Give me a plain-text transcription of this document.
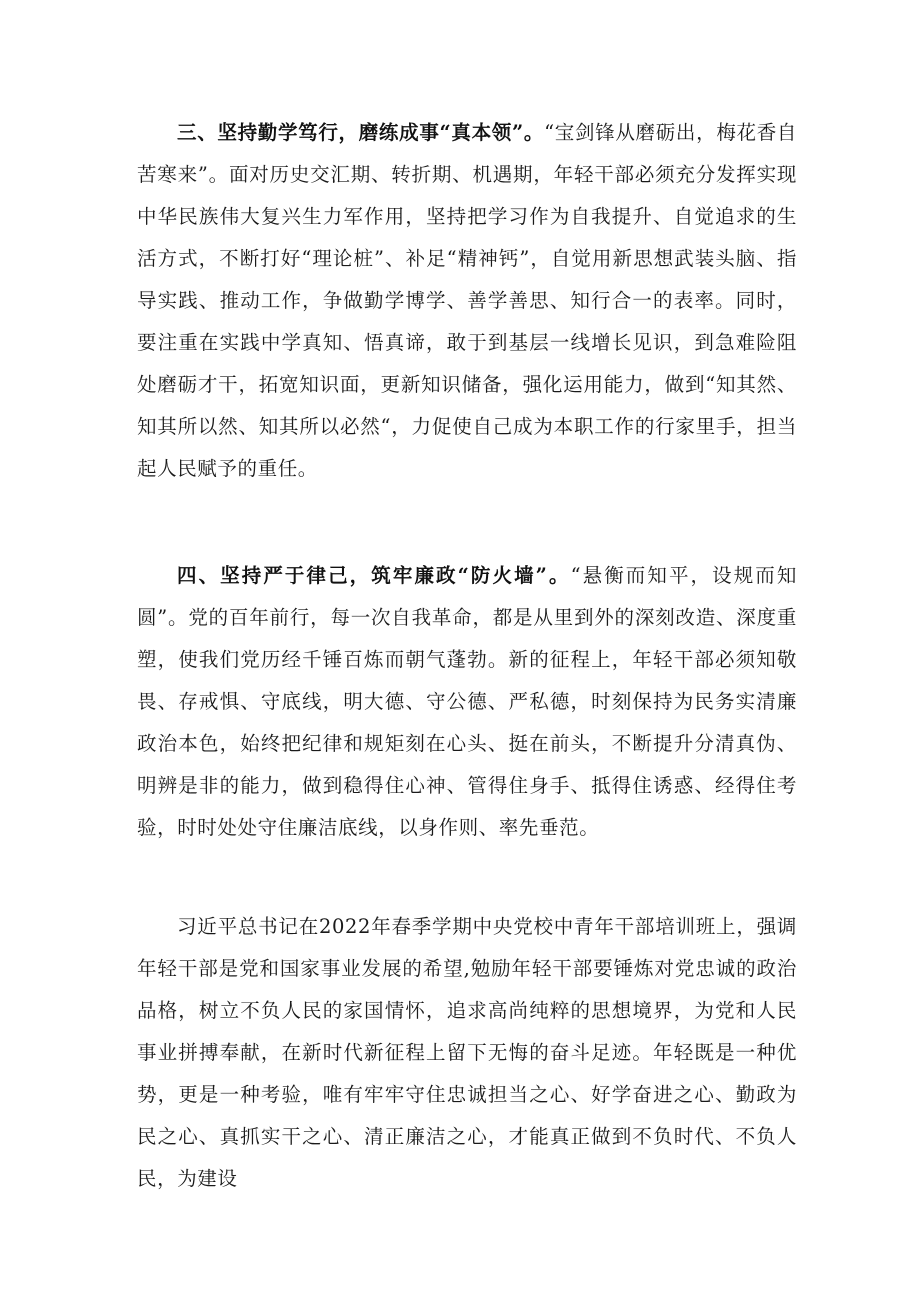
三、坚持勤学笃行，磨练成事“真本领”。“宝剑锋从磨砺出，梅花香自苦寒来”。面对历史交汇期、转折期、机遇期，年轻干部必须充分发挥实现中华民族伟大复兴生力军作用，坚持把学习作为自我提升、自觉追求的生活方式，不断打好“理论桩”、补足“精神钙”，自觉用新思想武装头脑、指导实践、推动工作，争做勤学博学、善学善思、知行合一的表率。同时，要注重在实践中学真知、悟真谛，敢于到基层一线增长见识，到急难险阻处磨砺才干，拓宽知识面，更新知识储备，强化运用能力，做到“知其然、知其所以然、知其所以必然“，力促使自己成为本职工作的行家里手，担当起人民赋予的重任。

四、坚持严于律己，筑牢廉政“防火墙”。“悬衡而知平，设规而知圆”。党的百年前行，每一次自我革命，都是从里到外的深刻改造、深度重塑，使我们党历经千锤百炼而朝气蓬勃。新的征程上，年轻干部必须知敬畏、存戒惧、守底线，明大德、守公德、严私德，时刻保持为民务实清廉政治本色，始终把纪律和规矩刻在心头、挺在前头，不断提升分清真伪、明辨是非的能力，做到稳得住心神、管得住身手、抵得住诱惑、经得住考验，时时处处守住廉洁底线，以身作则、率先垂范。

习近平总书记在2022年春季学期中央党校中青年干部培训班上，强调年轻干部是党和国家事业发展的希望,勉励年轻干部要锤炼对党忠诚的政治品格，树立不负人民的家国情怀，追求高尚纯粹的思想境界，为党和人民事业拼搏奉献，在新时代新征程上留下无悔的奋斗足迹。年轻既是一种优势，更是一种考验，唯有牢牢守住忠诚担当之心、好学奋进之心、勤政为民之心、真抓实干之心、清正廉洁之心，才能真正做到不负时代、不负人民，为建设
